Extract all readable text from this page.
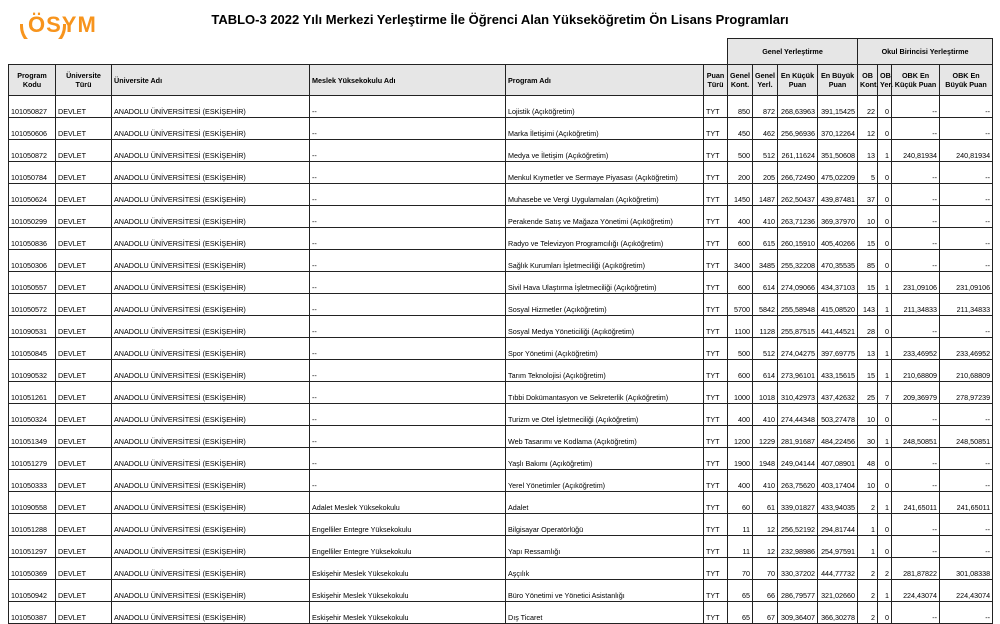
ÖSYM	TABLO-3 2022 Yılı Merkezi Yerleştirme İle Öğrenci Alan Yükseköğretim Ön Lisans Programları
						Genel Yerleştirme				Okul Birincisi Yerleştirme			
Program Kodu	Üniversite Türü	Üniversite Adı	Meslek Yüksekokulu Adı	Program Adı	Puan Türü	Genel Kont.	Genel Yerl.	En Küçük Puan	En Büyük Puan	OB Kont.	OB Yer.	OBK En Küçük Puan	OBK En Büyük Puan
101050827	DEVLET	ANADOLU ÜNİVERSİTESİ (ESKİŞEHİR)	--	Lojistik (Açıköğretim)	TYT	850	872	268,63963	391,15425	22	0	--	--
101050606	DEVLET	ANADOLU ÜNİVERSİTESİ (ESKİŞEHİR)	--	Marka İletişimi (Açıköğretim)	TYT	450	462	256,96936	370,12264	12	0	--	--
101050872	DEVLET	ANADOLU ÜNİVERSİTESİ (ESKİŞEHİR)	--	Medya ve İletişim (Açıköğretim)	TYT	500	512	261,11624	351,50608	13	1	240,81934	240,81934
101050784	DEVLET	ANADOLU ÜNİVERSİTESİ (ESKİŞEHİR)	--	Menkul Kıymetler ve Sermaye Piyasası (Açıköğretim)	TYT	200	205	266,72490	475,02209	5	0	--	--
101050624	DEVLET	ANADOLU ÜNİVERSİTESİ (ESKİŞEHİR)	--	Muhasebe ve Vergi Uygulamaları (Açıköğretim)	TYT	1450	1487	262,50437	439,87481	37	0	--	--
101050299	DEVLET	ANADOLU ÜNİVERSİTESİ (ESKİŞEHİR)	--	Perakende Satış ve Mağaza Yönetimi (Açıköğretim)	TYT	400	410	263,71236	369,37970	10	0	--	--
101050836	DEVLET	ANADOLU ÜNİVERSİTESİ (ESKİŞEHİR)	--	Radyo ve Televizyon Programcılığı (Açıköğretim)	TYT	600	615	260,15910	405,40266	15	0	--	--
101050306	DEVLET	ANADOLU ÜNİVERSİTESİ (ESKİŞEHİR)	--	Sağlık Kurumları İşletmeciliği (Açıköğretim)	TYT	3400	3485	255,32208	470,35535	85	0	--	--
101050557	DEVLET	ANADOLU ÜNİVERSİTESİ (ESKİŞEHİR)	--	Sivil Hava Ulaştırma İşletmeciliği (Açıköğretim)	TYT	600	614	274,09066	434,37103	15	1	231,09106	231,09106
101050572	DEVLET	ANADOLU ÜNİVERSİTESİ (ESKİŞEHİR)	--	Sosyal Hizmetler (Açıköğretim)	TYT	5700	5842	255,58948	415,08520	143	1	211,34833	211,34833
101090531	DEVLET	ANADOLU ÜNİVERSİTESİ (ESKİŞEHİR)	--	Sosyal Medya Yöneticiliği (Açıköğretim)	TYT	1100	1128	255,87515	441,44521	28	0	--	--
101050845	DEVLET	ANADOLU ÜNİVERSİTESİ (ESKİŞEHİR)	--	Spor Yönetimi (Açıköğretim)	TYT	500	512	274,04275	397,69775	13	1	233,46952	233,46952
101090532	DEVLET	ANADOLU ÜNİVERSİTESİ (ESKİŞEHİR)	--	Tarım Teknolojisi (Açıköğretim)	TYT	600	614	273,96101	433,15615	15	1	210,68809	210,68809
101051261	DEVLET	ANADOLU ÜNİVERSİTESİ (ESKİŞEHİR)	--	Tıbbi Dokümantasyon ve Sekreterlik (Açıköğretim)	TYT	1000	1018	310,42973	437,42632	25	7	209,36979	278,97239
101050324	DEVLET	ANADOLU ÜNİVERSİTESİ (ESKİŞEHİR)	--	Turizm ve Otel İşletmeciliği (Açıköğretim)	TYT	400	410	274,44348	503,27478	10	0	--	--
101051349	DEVLET	ANADOLU ÜNİVERSİTESİ (ESKİŞEHİR)	--	Web Tasarımı ve Kodlama (Açıköğretim)	TYT	1200	1229	281,91687	484,22456	30	1	248,50851	248,50851
101051279	DEVLET	ANADOLU ÜNİVERSİTESİ (ESKİŞEHİR)	--	Yaşlı Bakımı (Açıköğretim)	TYT	1900	1948	249,04144	407,08901	48	0	--	--
101050333	DEVLET	ANADOLU ÜNİVERSİTESİ (ESKİŞEHİR)	--	Yerel Yönetimler (Açıköğretim)	TYT	400	410	263,75620	403,17404	10	0	--	--
101090558	DEVLET	ANADOLU ÜNİVERSİTESİ (ESKİŞEHİR)	Adalet Meslek Yüksekokulu	Adalet	TYT	60	61	339,01827	433,94035	2	1	241,65011	241,65011
101051288	DEVLET	ANADOLU ÜNİVERSİTESİ (ESKİŞEHİR)	Engelliler Entegre Yüksekokulu	Bilgisayar Operatörlüğü	TYT	11	12	256,52192	294,81744	1	0	--	--
101051297	DEVLET	ANADOLU ÜNİVERSİTESİ (ESKİŞEHİR)	Engelliler Entegre Yüksekokulu	Yapı Ressamlığı	TYT	11	12	232,98986	254,97591	1	0	--	--
101050369	DEVLET	ANADOLU ÜNİVERSİTESİ (ESKİŞEHİR)	Eskişehir Meslek Yüksekokulu	Aşçılık	TYT	70	70	330,37202	444,77732	2	2	281,87822	301,08338
101050942	DEVLET	ANADOLU ÜNİVERSİTESİ (ESKİŞEHİR)	Eskişehir Meslek Yüksekokulu	Büro Yönetimi ve Yönetici Asistanlığı	TYT	65	66	286,79577	321,02660	2	1	224,43074	224,43074
101050387	DEVLET	ANADOLU ÜNİVERSİTESİ (ESKİŞEHİR)	Eskişehir Meslek Yüksekokulu	Dış Ticaret	TYT	65	67	309,36407	366,30278	2	0	--	--
